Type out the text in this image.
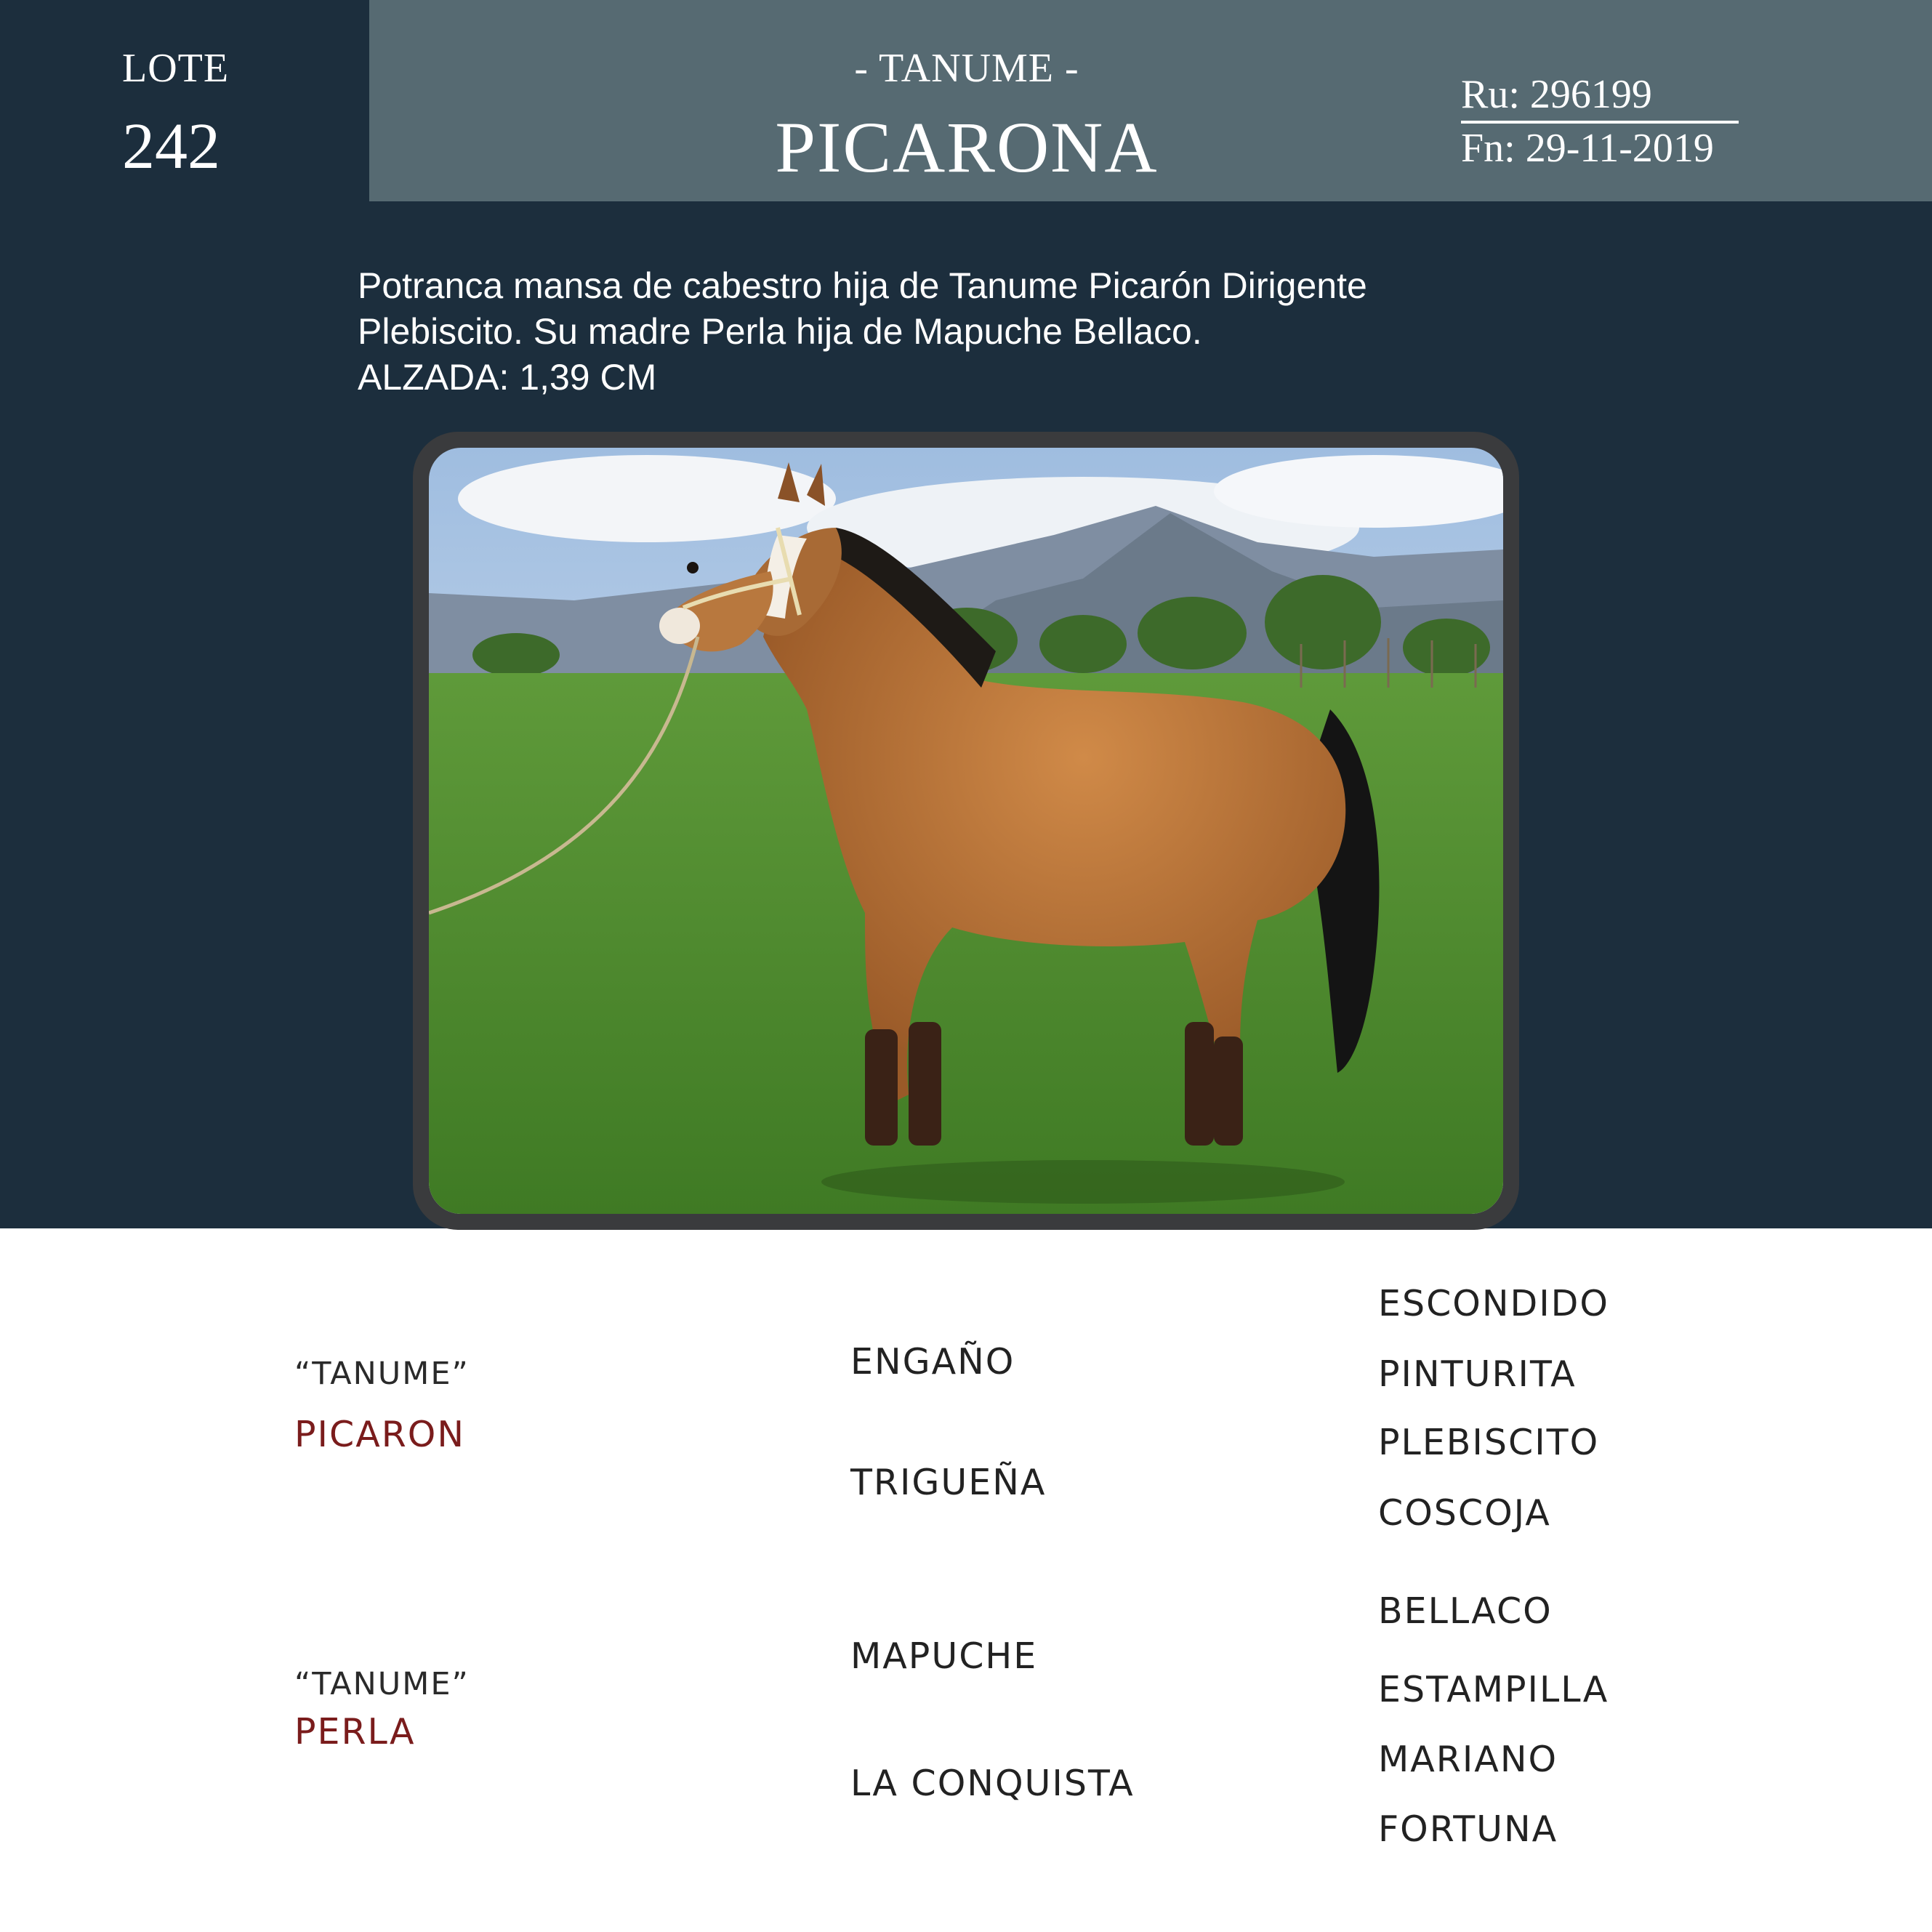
LOTE
242
- TANUME -
PICARONA
Ru: 296199
Fn: 29-11-2019
Potranca mansa de cabestro hija de Tanume Picarón Dirigente
Plebiscito. Su madre Perla hija de Mapuche Bellaco.
ALZADA: 1,39 CM
“TANUME”
PICARON
“TANUME”
PERLA
ENGAÑO
TRIGUEÑA
MAPUCHE
LA CONQUISTA
ESCONDIDO
PINTURITA
PLEBISCITO
COSCOJA
BELLACO
ESTAMPILLA
MARIANO
FORTUNA
